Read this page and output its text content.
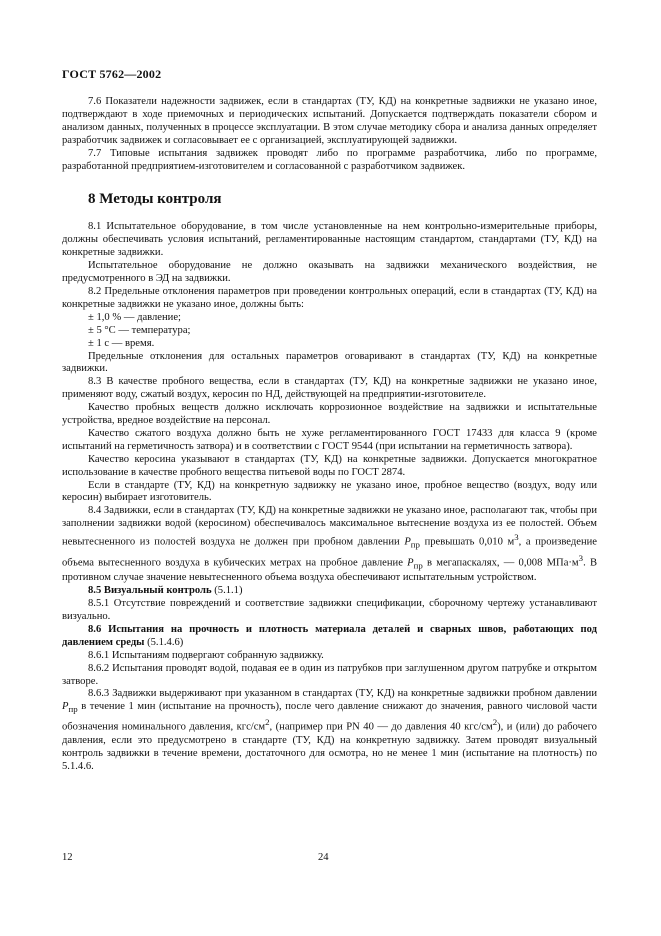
ГОСТ 5762—2002

7.6 Показатели надежности задвижек, если в стандартах (ТУ, КД) на конкретные задвижки не указано иное, подтверждают в ходе приемочных и периодических испытаний. Допускается подтверждать показатели сбором и анализом данных, полученных в процессе эксплуатации. В этом случае методику сбора и анализа данных определяет разработчик задвижек и согласовывает ее с организацией, эксплуатирующей задвижки.

7.7 Типовые испытания задвижек проводят либо по программе разработчика, либо по программе, разработанной предприятием-изготовителем и согласованной с разработчиком задвижек.

8 Методы контроля

8.1 Испытательное оборудование, в том числе установленные на нем контрольно-измерительные приборы, должны обеспечивать условия испытаний, регламентированные настоящим стандартом, стандартами (ТУ, КД) на конкретные задвижки.

Испытательное оборудование не должно оказывать на задвижки механического воздействия, не предусмотренного в ЭД на задвижки.

8.2 Предельные отклонения параметров при проведении контрольных операций, если в стандартах (ТУ, КД) на конкретные задвижки не указано иное, должны быть:

± 1,0 % — давление;

± 5 °С — температура;

± 1 с — время.

Предельные отклонения для остальных параметров оговаривают в стандартах (ТУ, КД) на конкретные задвижки.

8.3 В качестве пробного вещества, если в стандартах (ТУ, КД) на конкретные задвижки не указано иное, применяют воду, сжатый воздух, керосин по НД, действующей на предприятии-изготовителе.

Качество пробных веществ должно исключать коррозионное воздействие на задвижки и испытательные устройства, вредное воздействие на персонал.

Качество сжатого воздуха должно быть не хуже регламентированного ГОСТ 17433 для класса 9 (кроме испытаний на герметичность затвора) и в соответствии с ГОСТ 9544 (при испытании на герметичность затвора).

Качество керосина указывают в стандартах (ТУ, КД) на конкретные задвижки. Допускается многократное использование в качестве пробного вещества питьевой воды по ГОСТ 2874.

Если в стандарте (ТУ, КД) на конкретную задвижку не указано иное, пробное вещество (воздух, воду или керосин) выбирает изготовитель.

8.4 Задвижки, если в стандартах (ТУ, КД) на конкретные задвижки не указано иное, располагают так, чтобы при заполнении задвижки водой (керосином) обеспечивалось максимальное вытеснение воздуха из ее полостей. Объем невытесненного из полостей воздуха не должен при пробном давлении $P_{пр}$ превышать 0,010 $м^3$, а произведение объема вытесненного воздуха в кубических метрах на пробное давление $P_{пр}$ в мегапаскалях, — 0,008 $МПа\cdot м^3$. В противном случае значение невытесненного объема воздуха обеспечивают испытательным устройством.

8.5 Визуальный контроль (5.1.1)

8.5.1 Отсутствие повреждений и соответствие задвижки спецификации, сборочному чертежу устанавливают визуально.

8.6 Испытания на прочность и плотность материала деталей и сварных швов, работающих под давлением среды (5.1.4.6)

8.6.1 Испытаниям подвергают собранную задвижку.

8.6.2 Испытания проводят водой, подавая ее в один из патрубков при заглушенном другом патрубке и открытом затворе.

8.6.3 Задвижки выдерживают при указанном в стандартах (ТУ, КД) на конкретные задвижки пробном давлении $P_{пр}$ в течение 1 мин (испытание на прочность), после чего давление снижают до значения, равного числовой части обозначения номинального давления, кгс/$см^2$, (например при PN 40 — до давления 40 кгс/$см^2$), и (или) до рабочего давления, если это предусмотрено в стандарте (ТУ, КД) на конкретную задвижку. Затем проводят визуальный контроль задвижки в течение времени, достаточного для осмотра, но не менее 1 мин (испытание на плотность) по 5.1.4.6.

12	24
